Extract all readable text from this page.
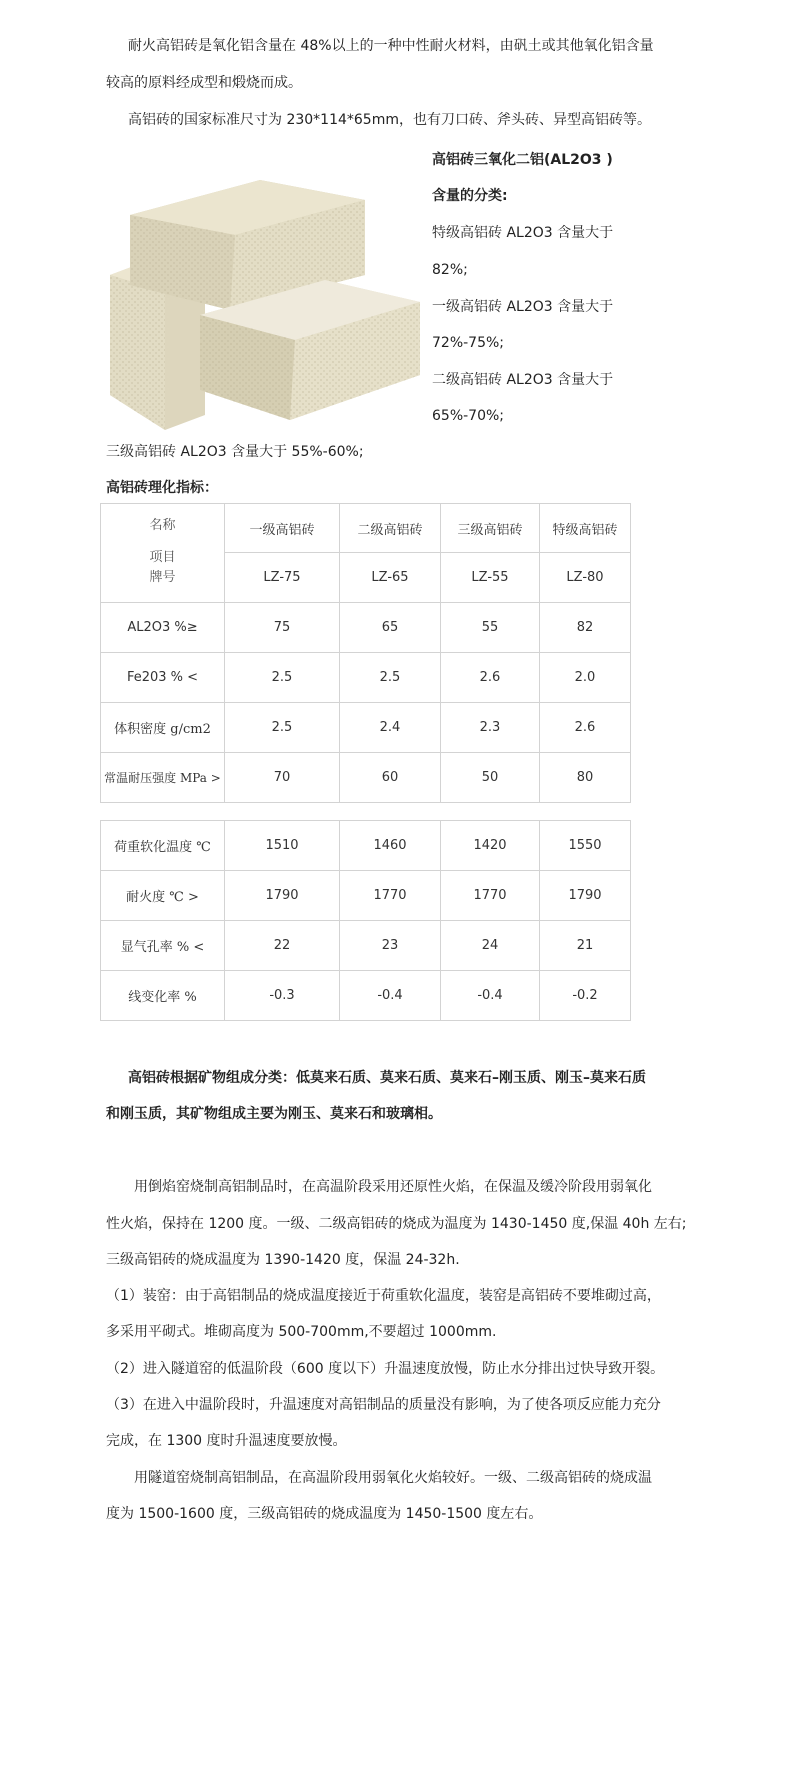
耐火高铝砖是氧化铝含量在 48%以上的一种中性耐火材料，由矾土或其他氧化铝含量
较高的原料经成型和煅烧而成。
高铝砖的国家标准尺寸为 230*114*65mm，也有刀口砖、斧头砖、异型高铝砖等。
高铝砖三氧化二铝(AL2O3 )
含量的分类:
特级高铝砖 AL2O3 含量大于
82%;
一级高铝砖 AL2O3 含量大于
72%-75%;
二级高铝砖 AL2O3 含量大于
65%-70%;
三级高铝砖 AL2O3 含量大于 55%-60%;
高铝砖理化指标：
名称
项目
牌号	一级高铝砖	二级高铝砖	三级高铝砖	特级高铝砖
	LZ-75	LZ-65	LZ-55	LZ-80
AL2O3 %≥	75	65	55	82
Fe203 % <	2.5	2.5	2.6	2.0
体积密度 g/cm2	2.5	2.4	2.3	2.6
常温耐压强度 MPa >	70	60	50	80
荷重软化温度 ℃	1510	1460	1420	1550
耐火度 ℃ >	1790	1770	1770	1790
显气孔率 % <	22	23	24	21
线变化率 %	-0.3	-0.4	-0.4	-0.2
高铝砖根据矿物组成分类：低莫来石质、莫来石质、莫来石–刚玉质、刚玉–莫来石质
和刚玉质，其矿物组成主要为刚玉、莫来石和玻璃相。
用倒焰窑烧制高铝制品时，在高温阶段采用还原性火焰，在保温及缓冷阶段用弱氧化
性火焰，保持在 1200 度。一级、二级高铝砖的烧成为温度为 1430-1450 度,保温 40h 左右;
三级高铝砖的烧成温度为 1390-1420 度，保温 24-32h.
（1）装窑：由于高铝制品的烧成温度接近于荷重软化温度，装窑是高铝砖不要堆砌过高，
多采用平砌式。堆砌高度为 500-700mm,不要超过 1000mm.
（2）进入隧道窑的低温阶段（600 度以下）升温速度放慢，防止水分排出过快导致开裂。
（3）在进入中温阶段时，升温速度对高铝制品的质量没有影响，为了使各项反应能力充分
完成，在 1300 度时升温速度要放慢。
用隧道窑烧制高铝制品，在高温阶段用弱氧化火焰较好。一级、二级高铝砖的烧成温
度为 1500-1600 度，三级高铝砖的烧成温度为 1450-1500 度左右。
